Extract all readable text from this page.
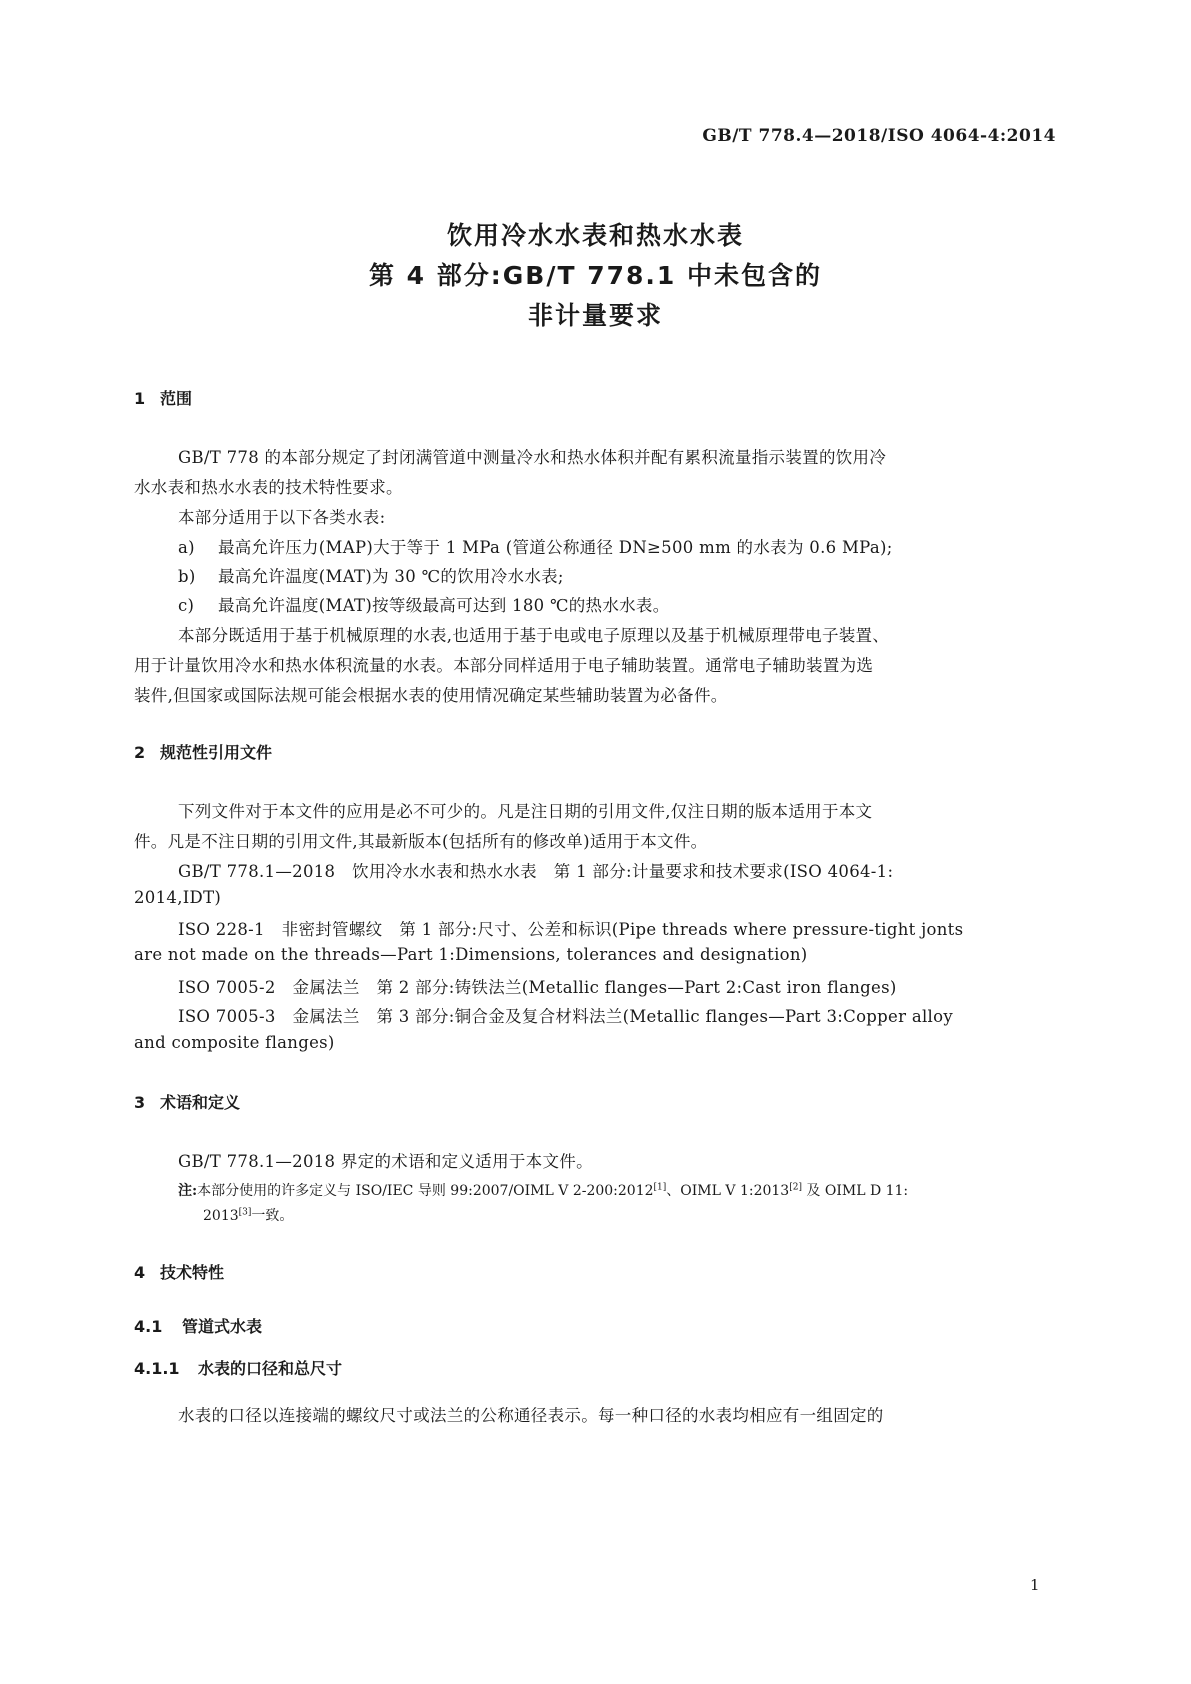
GB/T 778.4—2018/ISO 4064-4:2014
饮用冷水水表和热水水表
第 4 部分:GB/T 778.1 中未包含的
非计量要求
1 范围
GB/T 778 的本部分规定了封闭满管道中测量冷水和热水体积并配有累积流量指示装置的饮用冷
水水表和热水水表的技术特性要求。
本部分适用于以下各类水表:
a) 最高允许压力(MAP)大于等于 1 MPa (管道公称通径 DN≥500 mm 的水表为 0.6 MPa);
b) 最高允许温度(MAT)为 30 ℃的饮用冷水水表;
c) 最高允许温度(MAT)按等级最高可达到 180 ℃的热水水表。
本部分既适用于基于机械原理的水表,也适用于基于电或电子原理以及基于机械原理带电子装置、
用于计量饮用冷水和热水体积流量的水表。本部分同样适用于电子辅助装置。通常电子辅助装置为选
装件,但国家或国际法规可能会根据水表的使用情况确定某些辅助装置为必备件。
2 规范性引用文件
下列文件对于本文件的应用是必不可少的。凡是注日期的引用文件,仅注日期的版本适用于本文
件。凡是不注日期的引用文件,其最新版本(包括所有的修改单)适用于本文件。
GB/T 778.1—2018　饮用冷水水表和热水水表　第 1 部分:计量要求和技术要求(ISO 4064-1:
2014,IDT)
ISO 228-1　非密封管螺纹　第 1 部分:尺寸、公差和标识(Pipe threads where pressure-tight jonts
are not made on the threads—Part 1:Dimensions, tolerances and designation)
ISO 7005-2　金属法兰　第 2 部分:铸铁法兰(Metallic flanges—Part 2:Cast iron flanges)
ISO 7005-3　金属法兰　第 3 部分:铜合金及复合材料法兰(Metallic flanges—Part 3:Copper alloy
and composite flanges)
3 术语和定义
GB/T 778.1—2018 界定的术语和定义适用于本文件。
注:本部分使用的许多定义与 ISO/IEC 导则 99:2007/OIML V 2-200:2012[1]、OIML V 1:2013[2] 及 OIML D 11:
2013[3]一致。
4 技术特性
4.1 管道式水表
4.1.1 水表的口径和总尺寸
水表的口径以连接端的螺纹尺寸或法兰的公称通径表示。每一种口径的水表均相应有一组固定的
1
